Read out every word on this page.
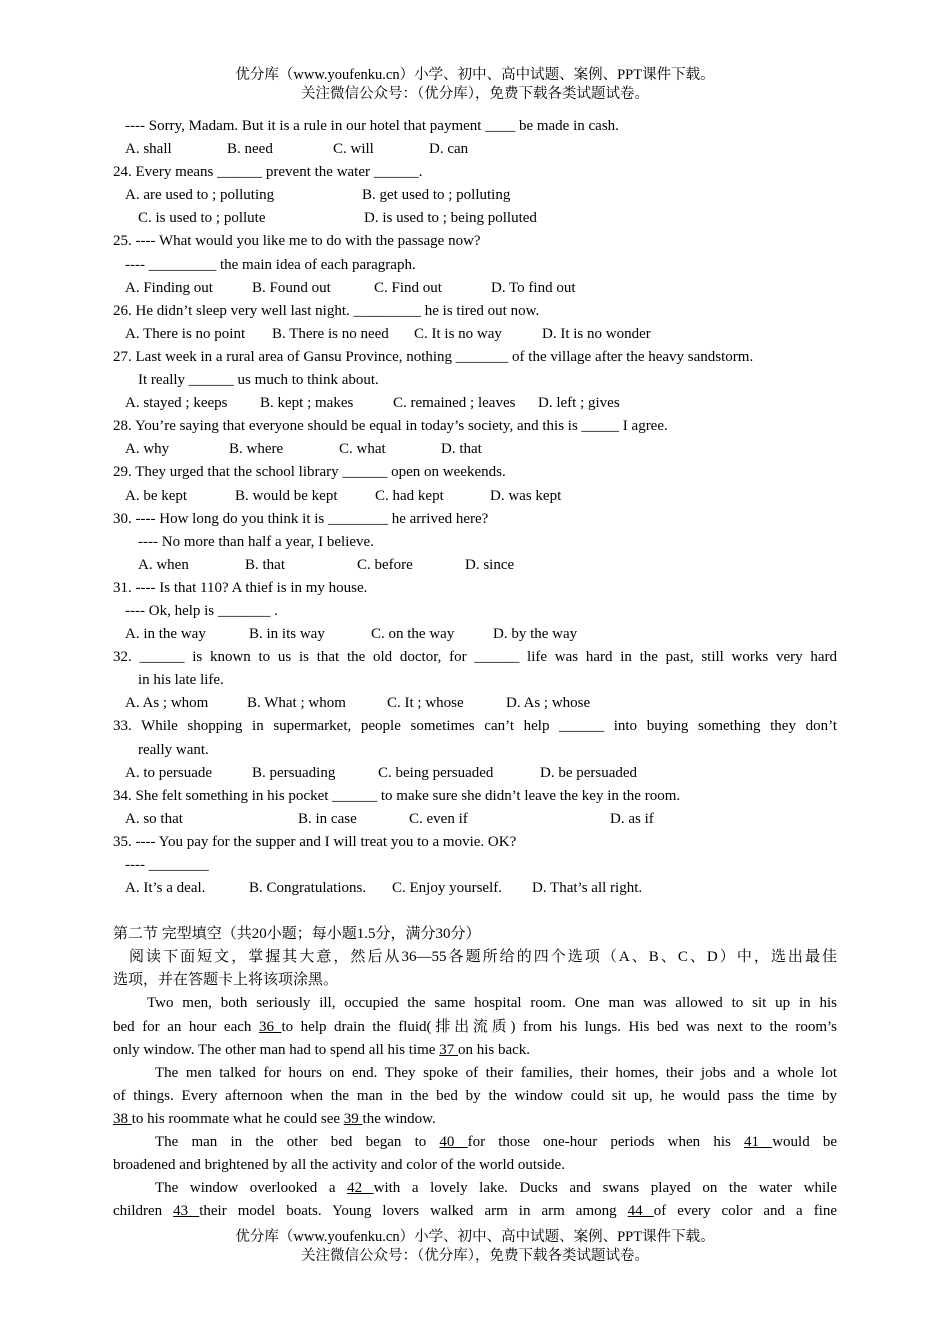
优分库（www.youfenku.cn）小学、初中、高中试题、案例、PPT课件下载。
关注微信公众号：（优分库），免费下载各类试题试卷。
---- Sorry, Madam. But it is a rule in our hotel that payment ____ be made in cash.
A. shall	B. need	C. will	D. can
24. Every means ______ prevent the water ______.
A. are used to ; polluting	B. get used to ; polluting
C. is used to ; pollute	D. is used to ; being polluted
25. ---- What would you like me to do with the passage now?
---- _________ the main idea of each paragraph.
A. Finding out	B. Found out	C. Find out	D. To find out
26. He didn’t sleep very well last night. _________ he is tired out now.
A. There is no point B. There is no need C. It is no way	D. It is no wonder
27. Last week in a rural area of Gansu Province, nothing _______ of the village after the heavy sandstorm.
It really ______ us much to think about.
A. stayed ; keeps B. kept ; makes	C. remained ; leaves D. left ; gives
28. You’re saying that everyone should be equal in today’s society, and this is _____ I agree.
A. why	B. where	C. what	D. that
29. They urged that the school library ______ open on weekends.
A. be kept	B. would be kept	C. had kept	D. was kept
30. ---- How long do you think it is ________ he arrived here?
---- No more than half a year, I believe.
A. when	B. that	C. before	D. since
31. ---- Is that 110? A thief is in my house.
---- Ok, help is _______ .
A. in the way	B. in its way	C. on the way	D. by the way
32. ______ is known to us is that the old doctor, for ______ life was hard in the past, still works very hard
in his late life.
A. As ; whom	B. What ; whom	C. It ; whose	D. As ; whose
33. While shopping in supermarket, people sometimes can’t help ______ into buying something they don’t
really want.
A. to persuade	B. persuading	C. being persuaded	D. be persuaded
34. She felt something in his pocket ______ to make sure she didn’t leave the key in the room.
A. so that	B. in case	C. even if	D. as if
35. ---- You pay for the supper and I will treat you to a movie. OK?
---- ________
A. It’s a deal.	B. Congratulations. C. Enjoy yourself. D. That’s all right.
第二节 完型填空（共20小题；每小题1.5分，满分30分）
阅读下面短文，掌握其大意，然后从36—55各题所给的四个选项（A、B、C、D）中，选出最佳
选项，并在答题卡上将该项涂黑。
Two men, both seriously ill, occupied the same hospital room. One man was allowed to sit up in his
bed for an hour each 36 to help drain the fluid(排出流质) from his lungs. His bed was next to the room’s
only window. The other man had to spend all his time 37 on his back.
The men talked for hours on end. They spoke of their families, their homes, their jobs and a whole lot
of things. Every afternoon when the man in the bed by the window could sit up, he would pass the time by
38 to his roommate what he could see 39 the window.
The man in the other bed began to 40 for those one-hour periods when his 41 would be
broadened and brightened by all the activity and color of the world outside.
The window overlooked a 42 with a lovely lake. Ducks and swans played on the water while
children 43 their model boats. Young lovers walked arm in arm among 44 of every color and a fine
优分库（www.youfenku.cn）小学、初中、高中试题、案例、PPT课件下载。
关注微信公众号：（优分库），免费下载各类试题试卷。
